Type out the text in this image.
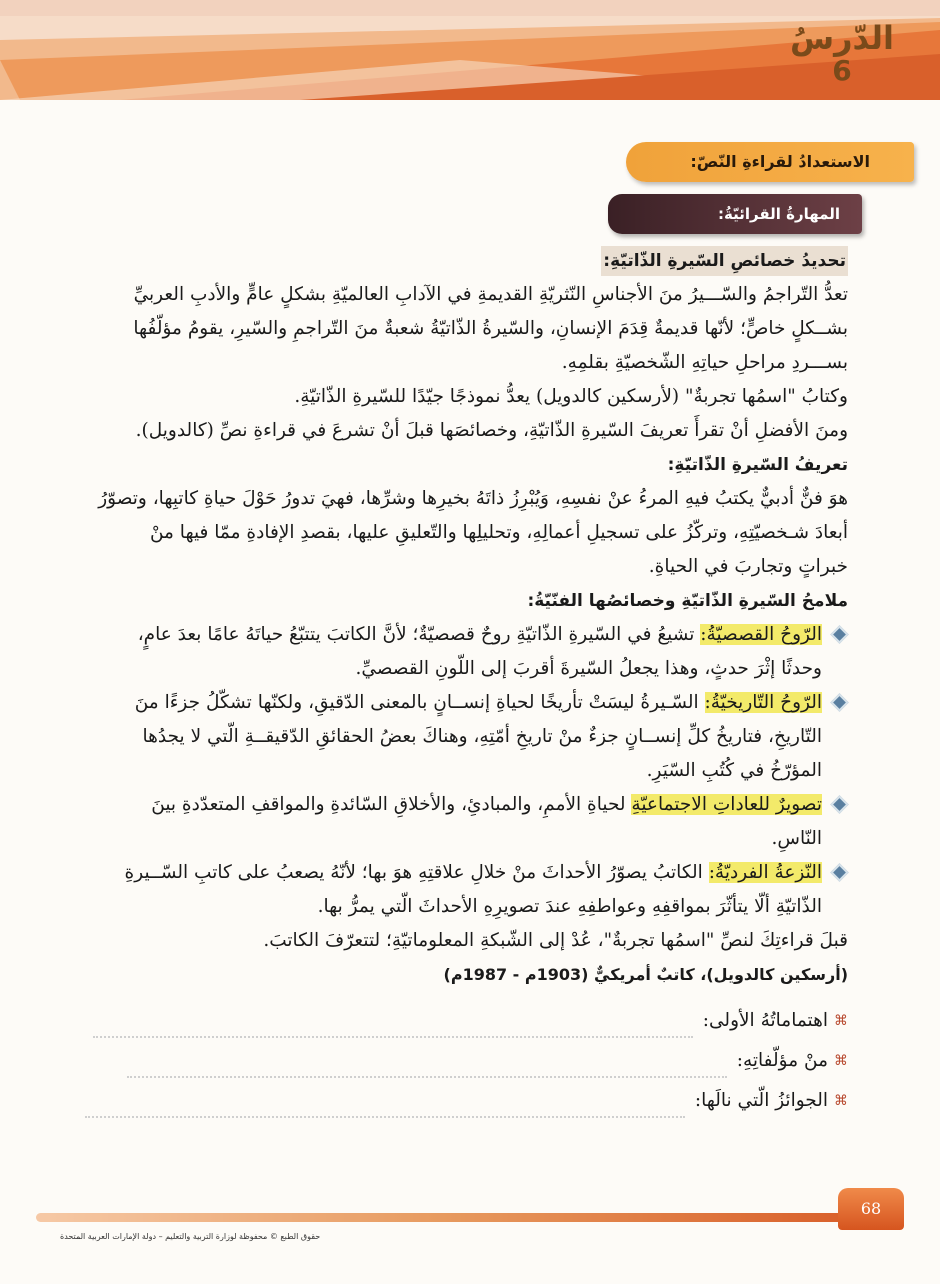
الدّرسُ
6
الاستعدادُ لقراءةِ النّصّ:
المهارةُ القرائيّةُ:
تحديدُ خصائصِ السّيرةِ الذّاتيّةِ:

تعدُّ التّراجمُ والسّـــيرُ منَ الأجناسِ النّثريّةِ القديمةِ في الآدابِ العالميّةِ بشكلٍ عامٍّ والأدبِ العربيِّ بشــكلٍ خاصٍّ؛ لأنّها قديمةٌ قِدَمَ الإنسانِ، والسّيرةُ الذّاتيّةُ شعبةٌ منَ التّراجمِ والسّيرِ، يقومُ مؤلّفُها بســـردِ مراحلِ حياتِهِ الشّخصيّةِ بقلمِهِ.

وكتابُ "اسمُها تجربةٌ" (لأرسكين كالدويل) يعدُّ نموذجًا جيّدًا للسّيرةِ الذّاتيّةِ.

ومنَ الأفضلِ أنْ تقرأَ تعريفَ السّيرةِ الذّاتيّةِ، وخصائصَها قبلَ أنْ تشرعَ في قراءةِ نصِّ (كالدويل).

تعريفُ السّيرةِ الذّاتيّةِ:

هوَ فنٌّ أدبيٌّ يكتبُ فيهِ المرءُ عنْ نفسِهِ، وَيُبْرِزُ ذاتَهُ بخيرِها وشرِّها، فهيَ تدورُ حَوْلَ حياةِ كاتبِها، وتصوّرُ أبعادَ شـخصيّتِهِ، وتركّزُ على تسجيلِ أعمالِهِ، وتحليلِها والتّعليقِ عليها، بقصدِ الإفادةِ ممّا فيها منْ خبراتٍ وتجاربَ في الحياةِ.

ملامحُ السّيرةِ الذّاتيّةِ وخصائصُها الفنّيّةُ:

الرّوحُ القصصيّةُ: تشيعُ في السّيرةِ الذّاتيّةِ روحٌ قصصيّةٌ؛ لأنَّ الكاتبَ يتتبّعُ حياتَهُ عامًا بعدَ عامٍ، وحدثًا إثْرَ حدثٍ، وهذا يجعلُ السّيرةَ أقربَ إلى اللّونِ القصصيِّ.

الرّوحُ التّاريخيّةُ: السّـيرةُ ليسَتْ تأريخًا لحياةِ إنســانٍ بالمعنى الدّقيقِ، ولكنّها تشكّلُ جزءًا منَ التّاريخِ، فتاريخُ كلِّ إنســانٍ جزءٌ منْ تاريخِ أمّتِهِ، وهناكَ بعضُ الحقائقِ الدّقيقــةِ الّتي لا يجدُها المؤرّخُ في كُتُبِ السّيَرِ.

تصويرٌ للعاداتِ الاجتماعيّةِ لحياةِ الأممِ، والمبادئِ، والأخلاقِ السّائدةِ والمواقفِ المتعدّدةِ بينَ النّاسِ.

النّزعةُ الفرديّةُ: الكاتبُ يصوّرُ الأحداثَ منْ خلالِ علاقتِهِ هوَ بها؛ لأنّهُ يصعبُ على كاتبِ السّــيرةِ الذّاتيّةِ ألّا يتأثّرَ بمواقفِهِ وعواطفِهِ عندَ تصويرِهِ الأحداثَ الّتي يمرُّ بها.

قبلَ قراءتِكَ لنصِّ "اسمُها تجربةٌ"، عُدْ إلى الشّبكةِ المعلوماتيّةِ؛ لتتعرّفَ الكاتبَ.

(أرسكين كالدويل)، كاتبٌ أمريكيٌّ (1903م - 1987م)

⌘
اهتماماتُهُ الأولى:
⌘
منْ مؤلّفاتِهِ:
⌘
الجوائزُ الّتي نالَها:
68
حقوق الطبع © محفوظة لوزارة التربية والتعليم – دولة الإمارات العربية المتحدة
